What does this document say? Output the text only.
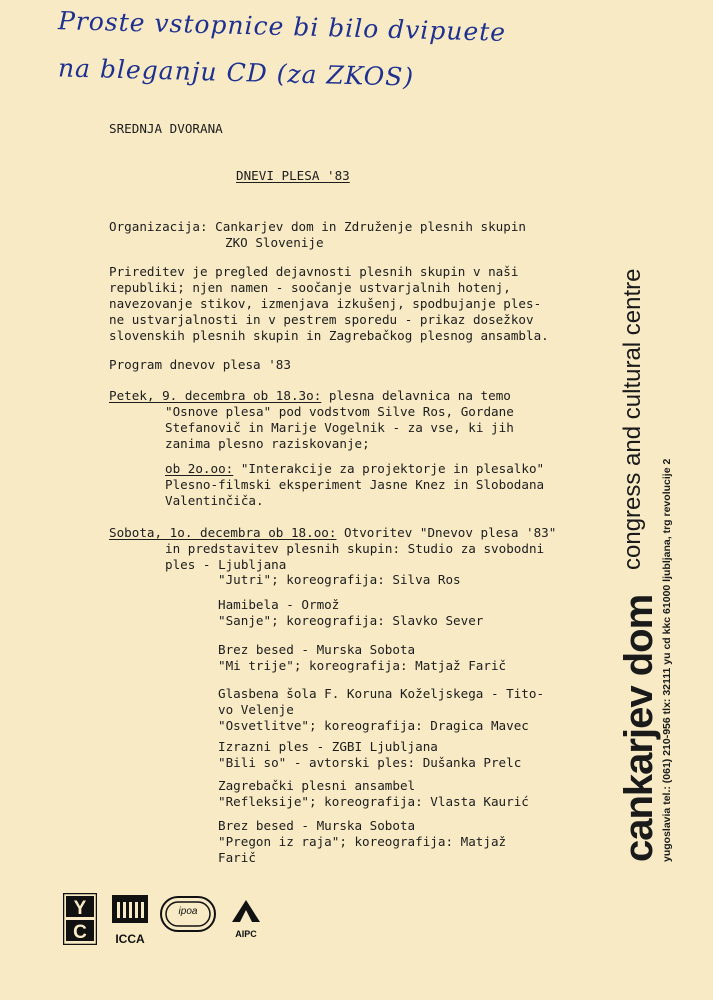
Proste vstopnice bi bilo dvipuete
na bleganju CD (za ZKOS)
SREDNJA DVORANA
DNEVI PLESA '83
Organizacija: Cankarjev dom in Združenje plesnih skupin
ZKO Slovenije
Prireditev je pregled dejavnosti plesnih skupin v naši
republiki; njen namen - soočanje ustvarjalnih hotenj,
navezovanje stikov, izmenjava izkušenj, spodbujanje ples-
ne ustvarjalnosti in v pestrem sporedu - prikaz dosežkov
slovenskih plesnih skupin in Zagrebačkog plesnog ansambla.
Program dnevov plesa '83
Petek, 9. decembra ob 18.3o: plesna delavnica na temo
"Osnove plesa" pod vodstvom Silve Ros, Gordane
Stefanovič in Marije Vogelnik - za vse, ki jih
zanima plesno raziskovanje;
ob 2o.oo: "Interakcije za projektorje in plesalko"
Plesno-filmski eksperiment Jasne Knez in Slobodana
Valentinčiča.
Sobota, 1o. decembra ob 18.oo: Otvoritev "Dnevov plesa '83"
in predstavitev plesnih skupin: Studio za svobodni
ples - Ljubljana
"Jutri"; koreografija: Silva Ros
Hamibela - Ormož
"Sanje"; koreografija: Slavko Sever
Brez besed - Murska Sobota
"Mi trije"; koreografija: Matjaž Farič
Glasbena šola F. Koruna Koželjskega - Tito-
vo Velenje
"Osvetlitve"; koreografija: Dragica Mavec
Izrazni ples - ZGBI Ljubljana
"Bili so" - avtorski ples: Dušanka Prelc
Zagrebački plesni ansambel
"Refleksije"; koreografija: Vlasta Kaurić
Brez besed - Murska Sobota
"Pregon iz raja"; koreografija: Matjaž
Farič	cankarjev dom
congress and cultural centre
yugoslavia tel.: (061) 210-956 tlx: 32111 yu cd kkc 61000 ljubljana, trg revolucije 2
Y
C	ICCA
ipoa
AIPC
